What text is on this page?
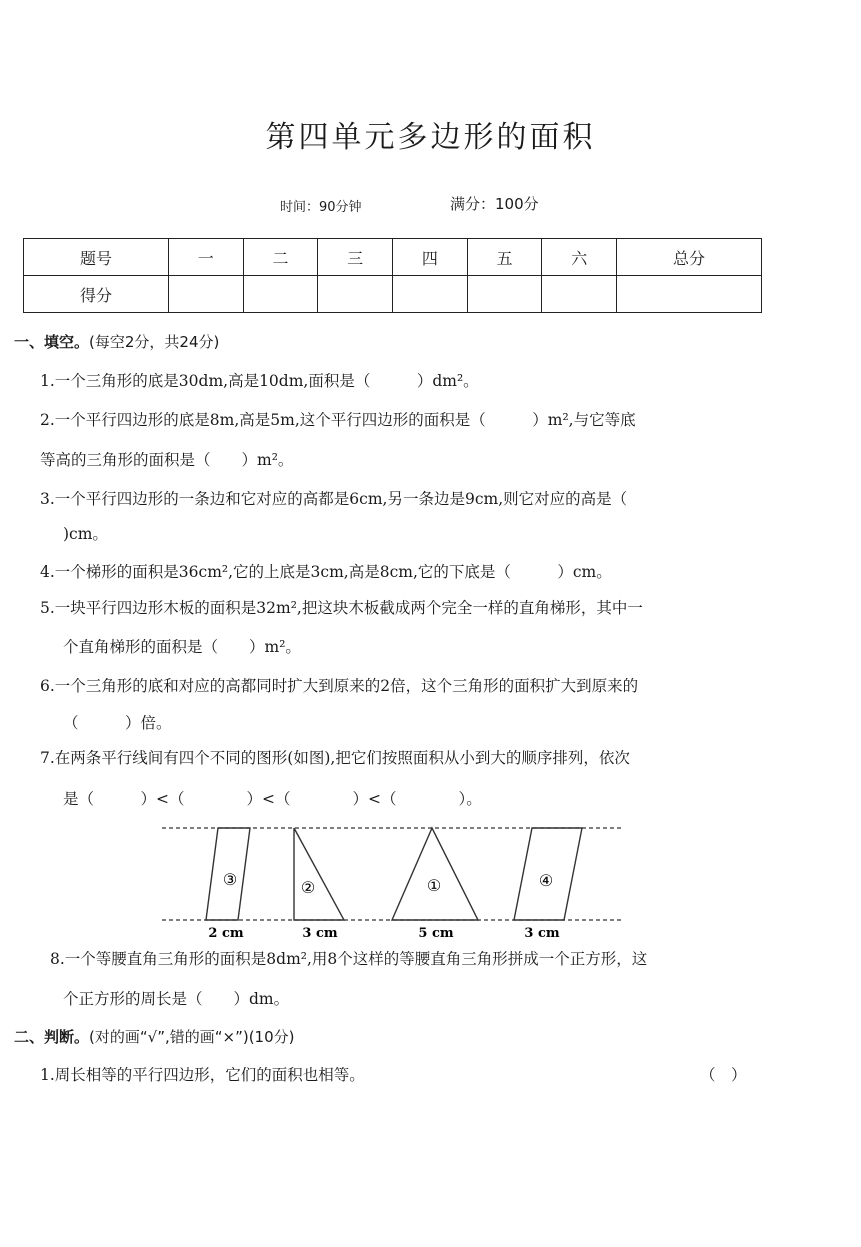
第四单元多边形的面积
时间：90分钟	满分：100分
题号	一	二	三	四	五	六	总分
得分							
一、填空。(每空2分，共24分)
1.一个三角形的底是30dm,高是10dm,面积是（　　　）dm²。
2.一个平行四边形的底是8m,高是5m,这个平行四边形的面积是（　　　）m²,与它等底
等高的三角形的面积是（　　）m²。
3.一个平行四边形的一条边和它对应的高都是6cm,另一条边是9cm,则它对应的高是（
)cm。
4.一个梯形的面积是36cm²,它的上底是3cm,高是8cm,它的下底是（　　　）cm。
5.一块平行四边形木板的面积是32m²,把这块木板截成两个完全一样的直角梯形，其中一
个直角梯形的面积是（　　）m²。
6.一个三角形的底和对应的高都同时扩大到原来的2倍，这个三角形的面积扩大到原来的
（　　　）倍。
7.在两条平行线间有四个不同的图形(如图),把它们按照面积从小到大的顺序排列，依次
是（　　　）<（　　　　）<（　　　　）<（　　　　）。
③
2 cm
②
3 cm
①
5 cm
④
3 cm
8.一个等腰直角三角形的面积是8dm²,用8个这样的等腰直角三角形拼成一个正方形，这
个正方形的周长是（　　）dm。
二、判断。(对的画“√”,错的画“×”)(10分)
1.周长相等的平行四边形，它们的面积也相等。	（　）
